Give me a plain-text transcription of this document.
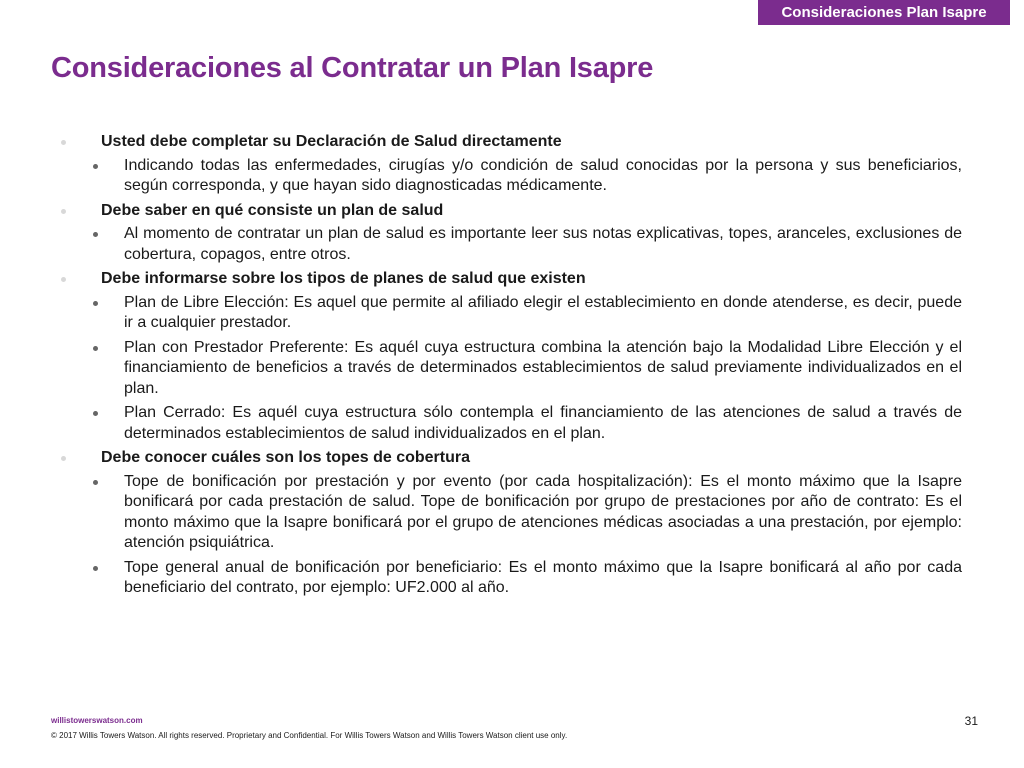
Consideraciones Plan Isapre
Consideraciones al Contratar un Plan Isapre
Usted debe completar su Declaración de Salud directamente
Indicando todas las enfermedades, cirugías y/o condición de salud conocidas por la persona y sus beneficiarios, según corresponda, y que hayan sido diagnosticadas médicamente.
Debe saber en qué consiste un plan de salud
Al momento de contratar un plan de salud es importante leer sus notas explicativas, topes, aranceles, exclusiones de cobertura, copagos, entre otros.
Debe informarse sobre los tipos de planes de salud que existen
Plan de Libre Elección: Es aquel que permite al afiliado elegir el establecimiento en donde atenderse, es decir, puede ir a cualquier prestador.
Plan con Prestador Preferente: Es aquél cuya estructura combina la atención bajo la Modalidad Libre Elección y el financiamiento de beneficios a través de determinados establecimientos de salud previamente individualizados en el plan.
Plan Cerrado: Es aquél cuya estructura sólo contempla el financiamiento de las atenciones de salud a través de determinados establecimientos de salud individualizados en el plan.
Debe conocer cuáles son los topes de cobertura
Tope de bonificación por prestación y por evento (por cada hospitalización): Es el monto máximo que la Isapre bonificará por cada prestación de salud. Tope de bonificación por grupo de prestaciones por año de contrato: Es el monto máximo que la Isapre bonificará por el grupo de atenciones médicas asociadas a una prestación, por ejemplo: atención psiquiátrica.
Tope general anual de bonificación por beneficiario: Es el monto máximo que la Isapre bonificará al año por cada beneficiario del contrato, por ejemplo: UF2.000 al año.
willistowerswatson.com
© 2017 Willis Towers Watson. All rights reserved. Proprietary and Confidential. For Willis Towers Watson and Willis Towers Watson client use only.
31
